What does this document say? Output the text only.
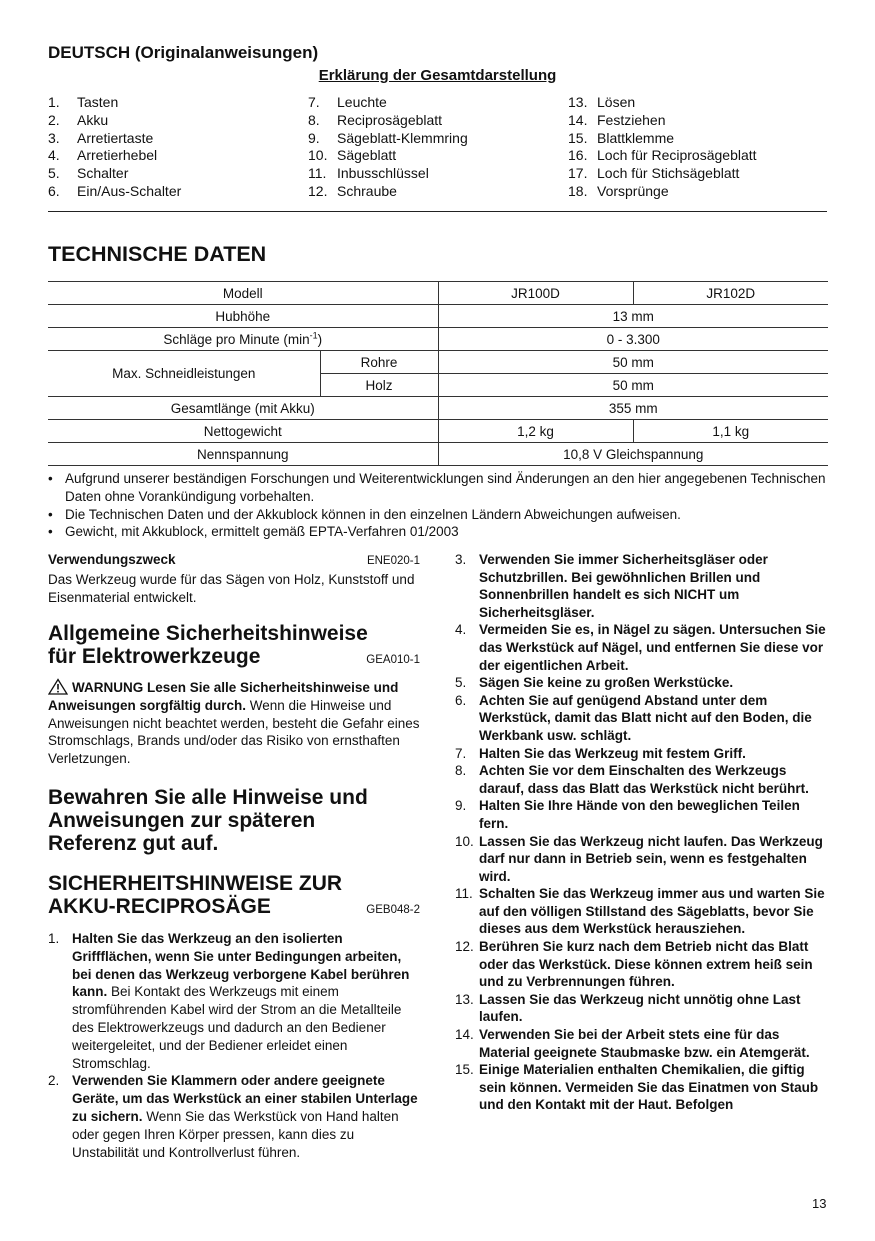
DEUTSCH (Originalanweisungen)
Erklärung der Gesamtdarstellung
1.	Tasten
2.	Akku
3.	Arretiertaste
4.	Arretierhebel
5.	Schalter
6.	Ein/Aus-Schalter
7.	Leuchte
8.	Reciprosägeblatt
9.	Sägeblatt-Klemmring
10. Sägeblatt
11. Inbusschlüssel
12. Schraube
13. Lösen
14. Festziehen
15. Blattklemme
16. Loch für Reciprosägeblatt
17. Loch für Stichsägeblatt
18. Vorsprünge
TECHNISCHE DATEN
Modell		JR100D	JR102D
Hubhöhe		13 mm	
Schläge pro Minute $(\min^{-1})$		0 - 3.300	
Max. Schneidleistungen	Rohre	50 mm	
	Holz	50 mm	
Gesamtlänge (mit Akku)		355 mm	
Nettogewicht		1,2 kg	1,1 kg
Nennspannung		10,8 V Gleichspannung	
• Aufgrund unserer beständigen Forschungen und Weiterentwicklungen sind Änderungen an den hier angegebenen Technischen Daten ohne Vorankündigung vorbehalten.
• Die Technischen Daten und der Akkublock können in den einzelnen Ländern Abweichungen aufweisen.
• Gewicht, mit Akkublock, ermittelt gemäß EPTA-Verfahren 01/2003
Verwendungszweck	ENE020-1
Das Werkzeug wurde für das Sägen von Holz, Kunststoff und Eisenmaterial entwickelt.
Allgemeine Sicherheitshinweise
für Elektrowerkzeuge	GEA010-1
WARNUNG Lesen Sie alle Sicherheitshinweise und Anweisungen sorgfältig durch. Wenn die Hinweise und Anweisungen nicht beachtet werden, besteht die Gefahr eines Stromschlags, Brands und/oder das Risiko von ernsthaften Verletzungen.
Bewahren Sie alle Hinweise und
Anweisungen zur späteren
Referenz gut auf.
SICHERHEITSHINWEISE ZUR
AKKU-RECIPROSÄGE	GEB048-2
1. Halten Sie das Werkzeug an den isolierten Griffflächen, wenn Sie unter Bedingungen arbeiten, bei denen das Werkzeug verborgene Kabel berühren kann. Bei Kontakt des Werkzeugs mit einem stromführenden Kabel wird der Strom an die Metallteile des Elektrowerkzeugs und dadurch an den Bediener weitergeleitet, und der Bediener erleidet einen Stromschlag.
2. Verwenden Sie Klammern oder andere geeignete Geräte, um das Werkstück an einer stabilen Unterlage zu sichern. Wenn Sie das Werkstück von Hand halten oder gegen Ihren Körper pressen, kann dies zu Unstabilität und Kontrollverlust führen.
3. Verwenden Sie immer Sicherheitsgläser oder Schutzbrillen. Bei gewöhnlichen Brillen und Sonnenbrillen handelt es sich NICHT um Sicherheitsgläser.
4. Vermeiden Sie es, in Nägel zu sägen. Untersuchen Sie das Werkstück auf Nägel, und entfernen Sie diese vor der eigentlichen Arbeit.
5. Sägen Sie keine zu großen Werkstücke.
6. Achten Sie auf genügend Abstand unter dem Werkstück, damit das Blatt nicht auf den Boden, die Werkbank usw. schlägt.
7. Halten Sie das Werkzeug mit festem Griff.
8. Achten Sie vor dem Einschalten des Werkzeugs darauf, dass das Blatt das Werkstück nicht berührt.
9. Halten Sie Ihre Hände von den beweglichen Teilen fern.
10. Lassen Sie das Werkzeug nicht laufen. Das Werkzeug darf nur dann in Betrieb sein, wenn es festgehalten wird.
11. Schalten Sie das Werkzeug immer aus und warten Sie auf den völligen Stillstand des Sägeblatts, bevor Sie dieses aus dem Werkstück herausziehen.
12. Berühren Sie kurz nach dem Betrieb nicht das Blatt oder das Werkstück. Diese können extrem heiß sein und zu Verbrennungen führen.
13. Lassen Sie das Werkzeug nicht unnötig ohne Last laufen.
14. Verwenden Sie bei der Arbeit stets eine für das Material geeignete Staubmaske bzw. ein Atemgerät.
15. Einige Materialien enthalten Chemikalien, die giftig sein können. Vermeiden Sie das Einatmen von Staub und den Kontakt mit der Haut. Befolgen
13
